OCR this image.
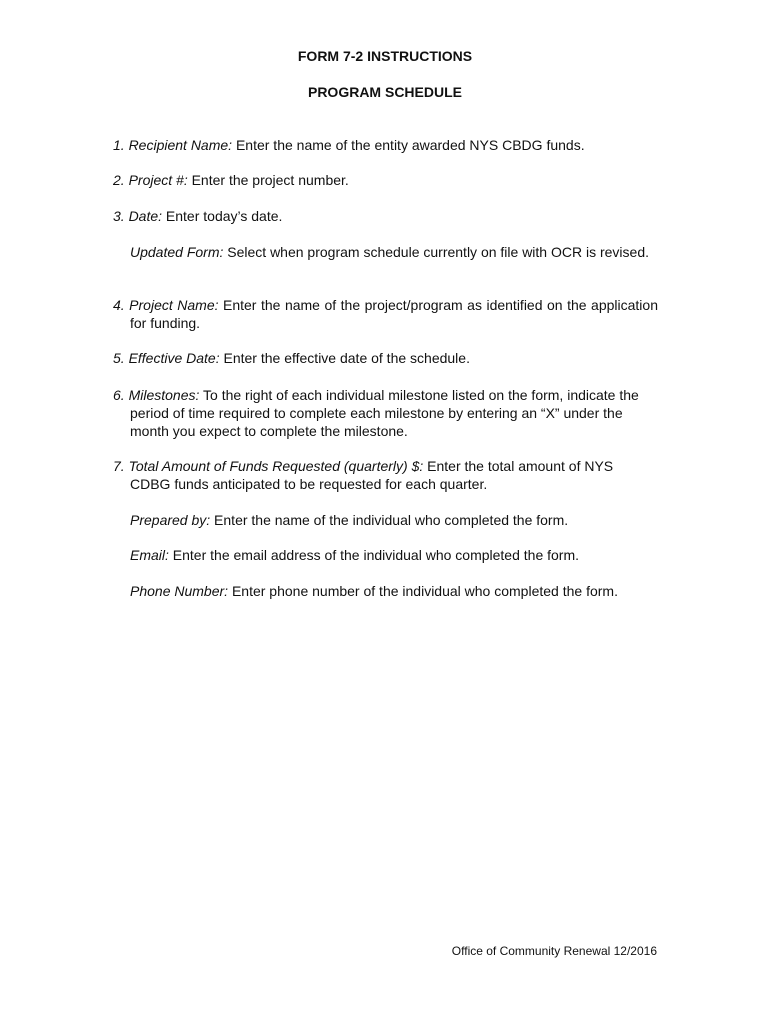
FORM 7-2 INSTRUCTIONS
PROGRAM SCHEDULE
1. Recipient Name: Enter the name of the entity awarded NYS CBDG funds.
2. Project #: Enter the project number.
3. Date: Enter today’s date.
Updated Form: Select when program schedule currently on file with OCR is revised.
4. Project Name: Enter the name of the project/program as identified on the application for funding.
5. Effective Date: Enter the effective date of the schedule.
6. Milestones: To the right of each individual milestone listed on the form, indicate the period of time required to complete each milestone by entering an “X” under the month you expect to complete the milestone.
7. Total Amount of Funds Requested (quarterly) $: Enter the total amount of NYS CDBG funds anticipated to be requested for each quarter.
Prepared by: Enter the name of the individual who completed the form.
Email: Enter the email address of the individual who completed the form.
Phone Number: Enter phone number of the individual who completed the form.
Office of Community Renewal 12/2016
